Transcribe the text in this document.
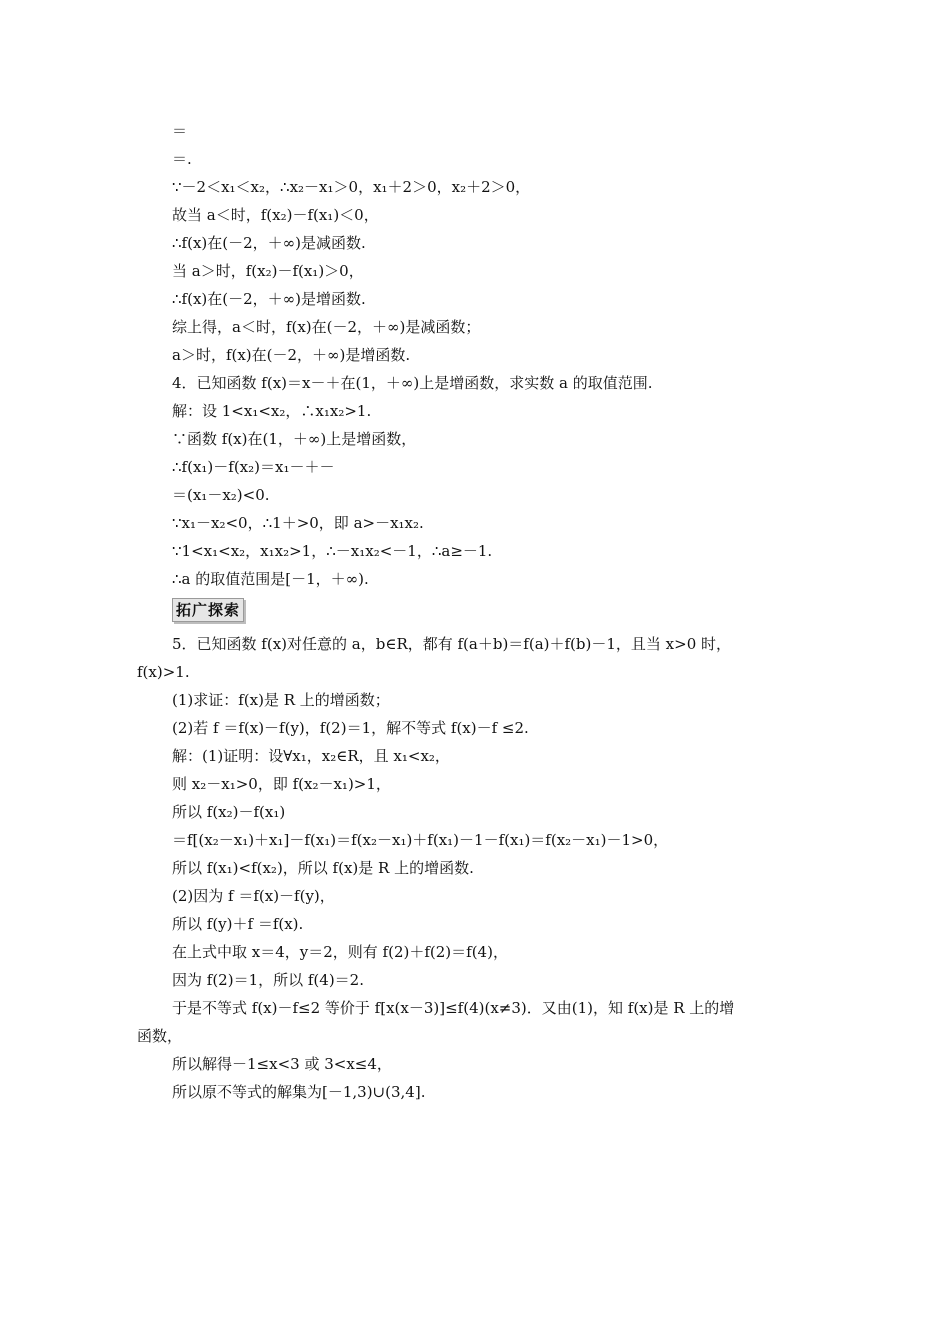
＝
＝.
∵－2＜x₁＜x₂，∴x₂－x₁＞0，x₁＋2＞0，x₂＋2＞0，
故当 a＜时，f(x₂)－f(x₁)＜0，
∴f(x)在(－2，＋∞)是减函数.
当 a＞时，f(x₂)－f(x₁)＞0，
∴f(x)在(－2，＋∞)是增函数.
综上得，a＜时，f(x)在(－2，＋∞)是减函数；
a＞时，f(x)在(－2，＋∞)是增函数.
4．已知函数 f(x)＝x－＋在(1，＋∞)上是增函数，求实数 a 的取值范围.
解：设 1<x₁<x₂，∴x₁x₂>1.
∵函数 f(x)在(1，＋∞)上是增函数，
∴f(x₁)－f(x₂)＝x₁－＋－
＝(x₁－x₂)<0.
∵x₁－x₂<0，∴1＋>0，即 a>－x₁x₂.
∵1<x₁<x₂，x₁x₂>1，∴－x₁x₂<－1，∴a≥－1.
∴a 的取值范围是[－1，＋∞).
拓广探索
5．已知函数 f(x)对任意的 a，b∈R，都有 f(a＋b)＝f(a)＋f(b)－1，且当 x>0 时，
f(x)>1.
(1)求证：f(x)是 R 上的增函数；
(2)若 f ＝f(x)－f(y)，f(2)＝1，解不等式 f(x)－f ≤2.
解：(1)证明：设∀x₁，x₂∈R，且 x₁<x₂，
则 x₂－x₁>0，即 f(x₂－x₁)>1，
所以 f(x₂)－f(x₁)
＝f[(x₂－x₁)＋x₁]－f(x₁)＝f(x₂－x₁)＋f(x₁)－1－f(x₁)＝f(x₂－x₁)－1>0，
所以 f(x₁)<f(x₂)，所以 f(x)是 R 上的增函数.
(2)因为 f ＝f(x)－f(y)，
所以 f(y)＋f ＝f(x).
在上式中取 x＝4，y＝2，则有 f(2)＋f(2)＝f(4)，
因为 f(2)＝1，所以 f(4)＝2.
于是不等式 f(x)－f≤2 等价于 f[x(x－3)]≤f(4)(x≠3)．又由(1)，知 f(x)是 R 上的增
函数，
所以解得－1≤x<3 或 3<x≤4，
所以原不等式的解集为[－1,3)∪(3,4].
